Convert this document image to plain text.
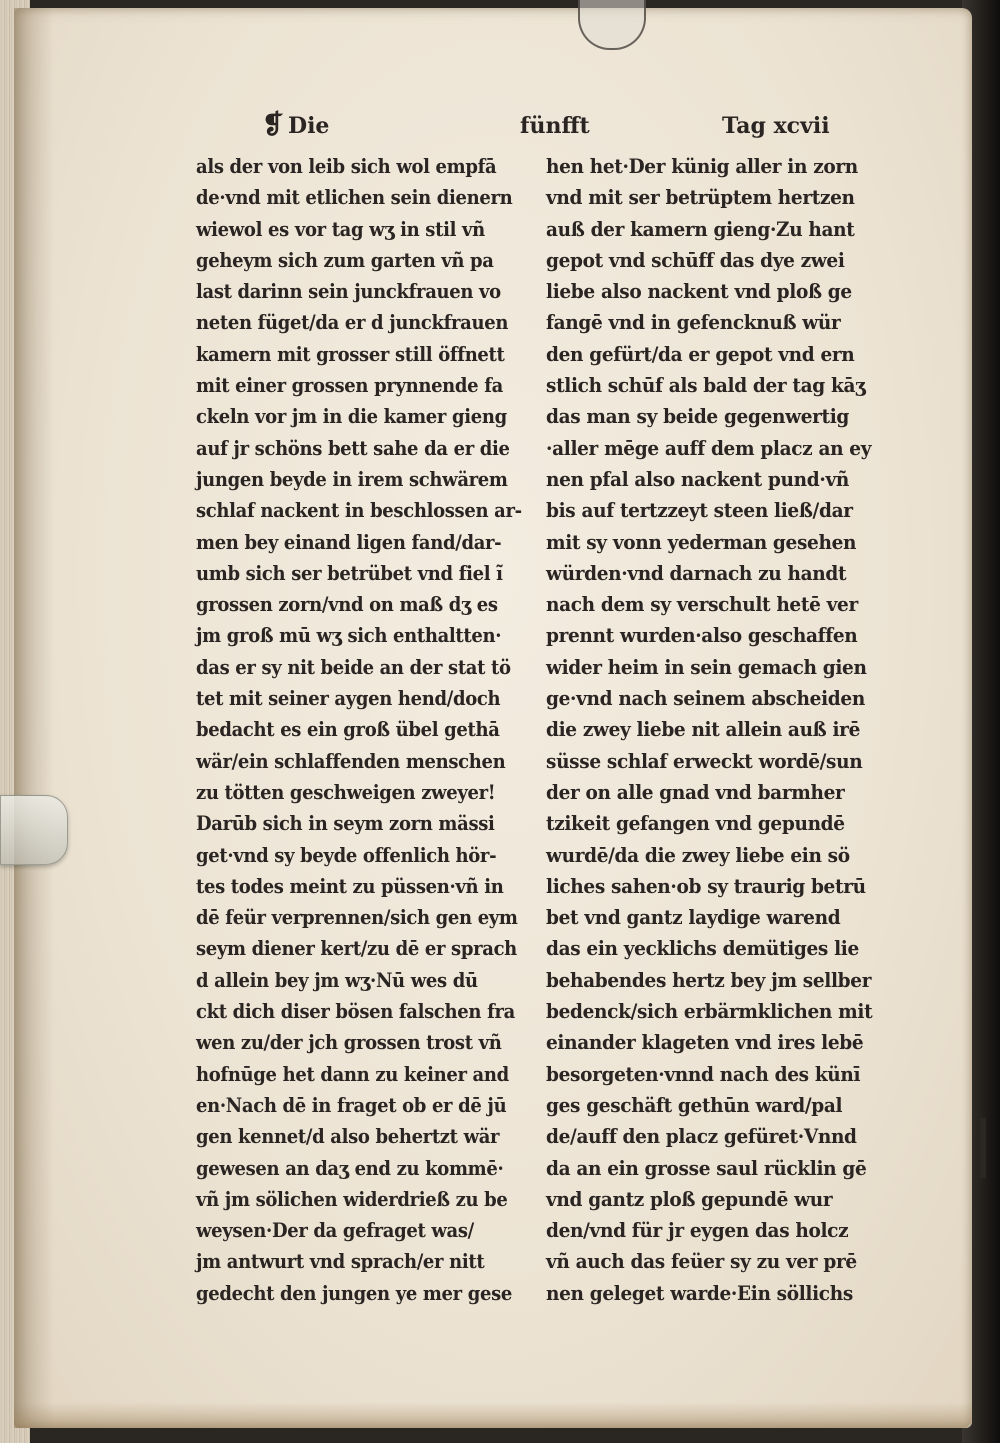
❡ Die	fünfft	Tag xcvii
als der von leib sich wol empfā
de·vnd mit etlichen sein dienern
wiewol es vor tag wʒ in stil vñ
geheym sich zum garten vñ pa
last darinn sein junckfrauen vo
neten füget/da er d junckfrauen
kamern mit grosser still öffnett
mit einer grossen prynnende fa
ckeln vor jm in die kamer gieng
auf jr schöns bett sahe da er die
jungen beyde in irem schwärem
schlaf nackent in beschlossen ar-
men bey einand ligen fand/dar-
umb sich ser betrübet vnd fiel ĩ
grossen zorn/vnd on maß dʒ es
jm groß mū wʒ sich enthaltten·
das er sy nit beide an der stat tö
tet mit seiner aygen hend/doch
bedacht es ein groß übel gethā
wär/ein schlaffenden menschen
zu tötten geschweigen zweyer!
Darūb sich in seym zorn mässi
get·vnd sy beyde offenlich hör-
tes todes meint zu püssen·vñ in
dē feür verprennen/sich gen eym
seym diener kert/zu dē er sprach
d allein bey jm wʒ·Nū wes dū
ckt dich diser bösen falschen fra
wen zu/der jch grossen trost vñ
hofnūge het dann zu keiner and
en·Nach dē in fraget ob er dē jū
gen kennet/d also behertzt wär
gewesen an daʒ end zu kommē·
vñ jm sölichen widerdrieß zu be
weysen·Der da gefraget was/
jm antwurt vnd sprach/er nitt
gedecht den jungen ye mer gese
hen het·Der künig aller in zorn
vnd mit ser betrüptem hertzen
auß der kamern gieng·Zu hant
gepot vnd schūff das dye zwei
liebe also nackent vnd ploß ge
fangē vnd in gefencknuß wür
den gefürt/da er gepot vnd ern
stlich schūf als bald der tag kāʒ
das man sy beide gegenwertig
·aller mēge auff dem placz an ey
nen pfal also nackent pund·vñ
bis auf tertzzeyt steen ließ/dar
mit sy vonn yederman gesehen
würden·vnd darnach zu handt
nach dem sy verschult hetē ver
prennt wurden·also geschaffen
wider heim in sein gemach gien
ge·vnd nach seinem abscheiden
die zwey liebe nit allein auß irē
süsse schlaf erweckt wordē/sun
der on alle gnad vnd barmher
tzikeit gefangen vnd gepundē
wurdē/da die zwey liebe ein sö
liches sahen·ob sy traurig betrū
bet vnd gantz laydige warend
das ein yecklichs demütiges lie
behabendes hertz bey jm sellber
bedenck/sich erbärmklichen mit
einander klageten vnd ires lebē
besorgeten·vnnd nach des künī
ges geschäft gethūn ward/pal
de/auff den placz gefüret·Vnnd
da an ein grosse saul rücklin gē
vnd gantz ploß gepundē wur
den/vnd für jr eygen das holcz
vñ auch das feüer sy zu ver prē
nen geleget warde·Ein söllichs
